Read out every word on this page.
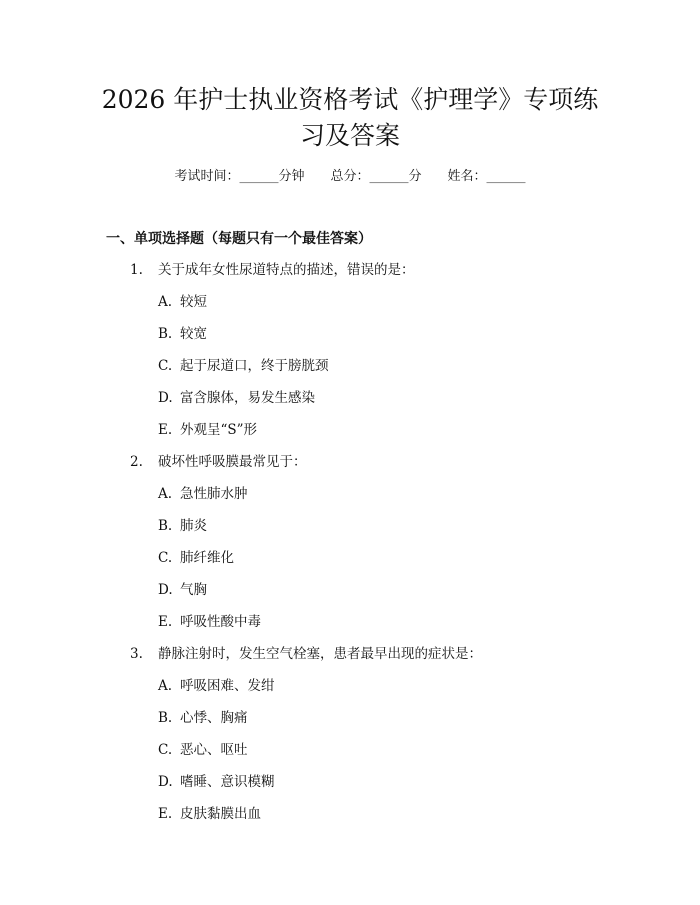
2026 年护士执业资格考试《护理学》专项练
习及答案
考试时间：______分钟 总分：______分 姓名：______
一、单项选择题（每题只有一个最佳答案）
1. 关于成年女性尿道特点的描述，错误的是：
A. 较短
B. 较宽
C. 起于尿道口，终于膀胱颈
D. 富含腺体，易发生感染
E. 外观呈“S”形
2. 破坏性呼吸膜最常见于：
A. 急性肺水肿
B. 肺炎
C. 肺纤维化
D. 气胸
E. 呼吸性酸中毒
3. 静脉注射时，发生空气栓塞，患者最早出现的症状是：
A. 呼吸困难、发绀
B. 心悸、胸痛
C. 恶心、呕吐
D. 嗜睡、意识模糊
E. 皮肤黏膜出血
